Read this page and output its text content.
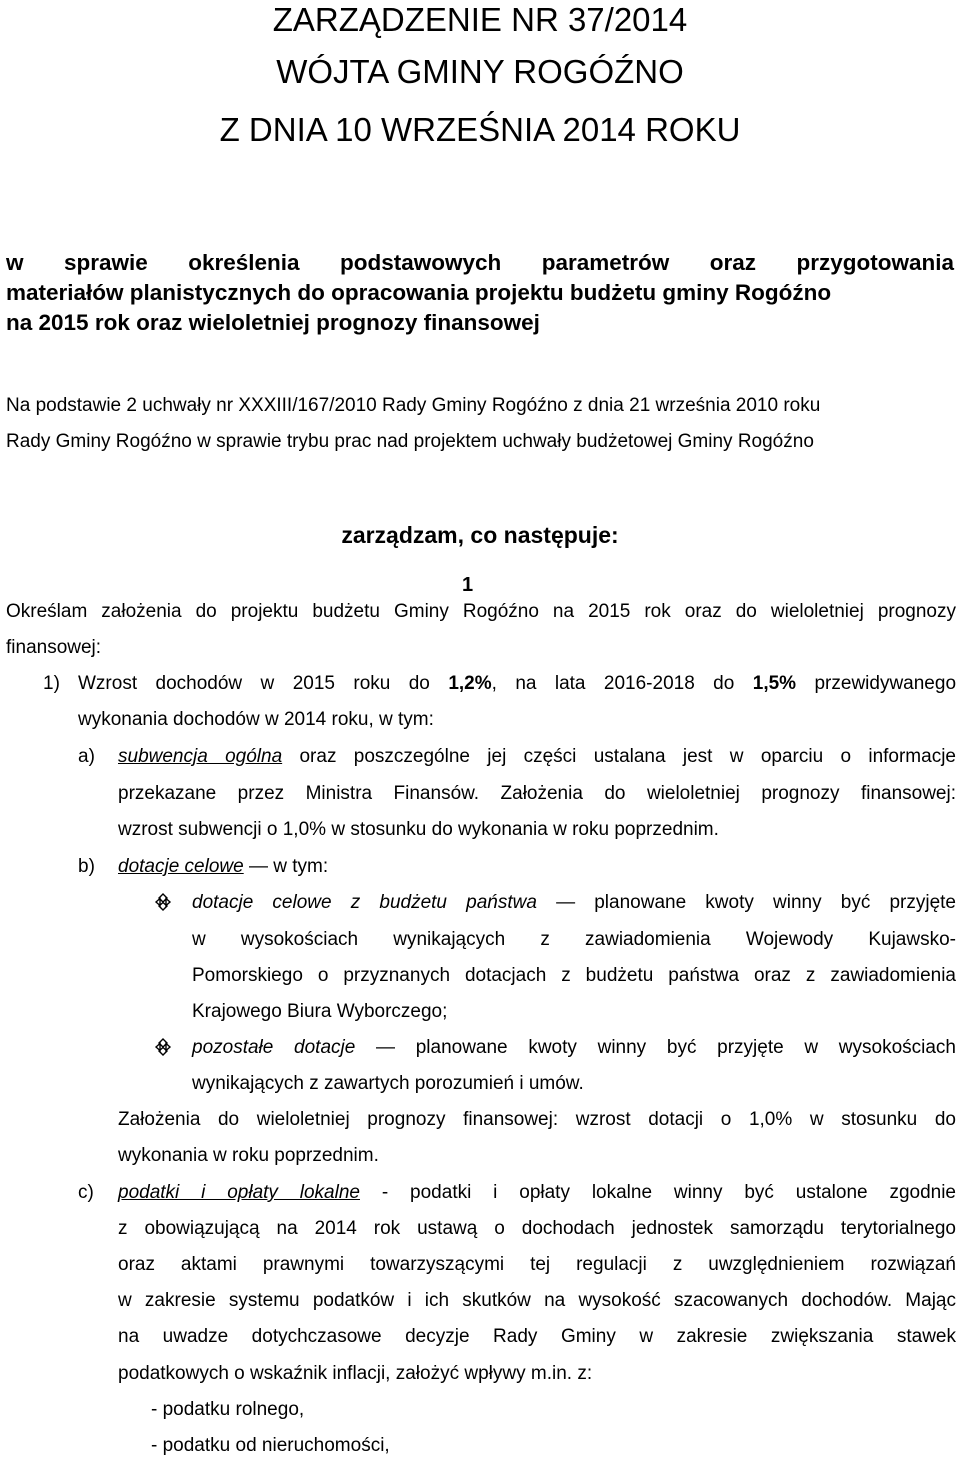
ZARZĄDZENIE NR 37/2014
WÓJTA GMINY ROGÓŹNO
Z DNIA 10 WRZEŚNIA 2014 ROKU
w sprawie określenia podstawowych parametrów oraz przygotowania
materiałów planistycznych do opracowania projektu budżetu gminy Rogóźno
na 2015 rok oraz wieloletniej prognozy finansowej
Na podstawie 2 uchwały nr XXXIII/167/2010 Rady Gminy Rogóźno z dnia 21 września 2010 roku
Rady Gminy Rogóźno w sprawie trybu prac nad projektem uchwały budżetowej Gminy Rogóźno
zarządzam, co następuje:
1
Określam założenia do projektu budżetu Gminy Rogóźno na 2015 rok oraz do wieloletniej prognozy
finansowej:
1) Wzrost dochodów w 2015 roku do 1,2%, na lata 2016-2018 do 1,5% przewidywanego
wykonania dochodów w 2014 roku, w tym:
a) subwencja ogólna oraz poszczególne jej części ustalana jest w oparciu o informacje
przekazane przez Ministra Finansów. Założenia do wieloletniej prognozy finansowej:
wzrost subwencji o 1,0% w stosunku do wykonania w roku poprzednim.
b) dotacje celowe — w tym:
dotacje celowe z budżetu państwa — planowane kwoty winny być przyjęte
w wysokościach wynikających z zawiadomienia Wojewody Kujawsko-
Pomorskiego o przyznanych dotacjach z budżetu państwa oraz z zawiadomienia
Krajowego Biura Wyborczego;
pozostałe dotacje — planowane kwoty winny być przyjęte w wysokościach
wynikających z zawartych porozumień i umów.
Założenia do wieloletniej prognozy finansowej: wzrost dotacji o 1,0% w stosunku do
wykonania w roku poprzednim.
c) podatki i opłaty lokalne - podatki i opłaty lokalne winny być ustalone zgodnie
z obowiązującą na 2014 rok ustawą o dochodach jednostek samorządu terytorialnego
oraz aktami prawnymi towarzyszącymi tej regulacji z uwzględnieniem rozwiązań
w zakresie systemu podatków i ich skutków na wysokość szacowanych dochodów. Mając
na uwadze dotychczasowe decyzje Rady Gminy w zakresie zwiększania stawek
podatkowych o wskaźnik inflacji, założyć wpływy m.in. z:
- podatku rolnego,
- podatku od nieruchomości,
